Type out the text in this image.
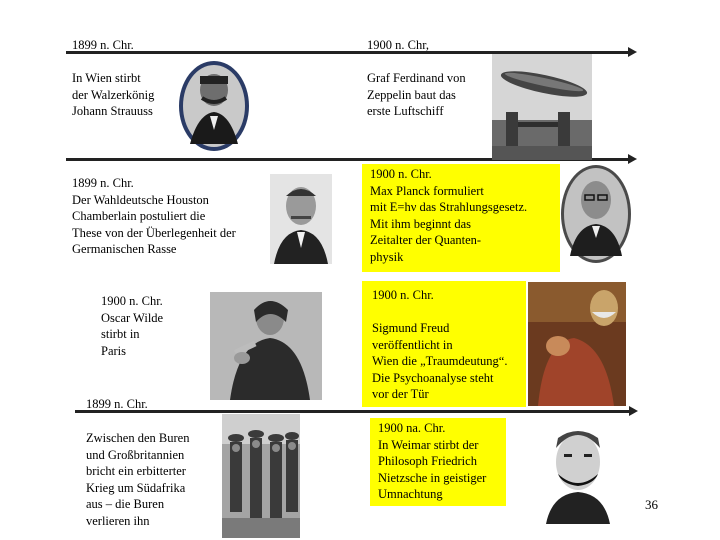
1899 n. Chr.	1900 n. Chr,
In Wien stirbt
der Walzerkönig
Johann Strauuss
Graf Ferdinand von
Zeppelin baut das
erste Luftschiff
1899 n. Chr.
Der Wahldeutsche Houston
Chamberlain postuliert die
These von der Überlegenheit der
Germanischen Rasse
1900 n. Chr.
Max Planck formuliert
mit E=hν das Strahlungsgesetz.
Mit ihm beginnt das
Zeitalter der Quanten-
physik
1900 n. Chr.
Oscar Wilde
stirbt in
Paris
1900 n. Chr.
Sigmund Freud
veröffentlicht in
Wien die „Traumdeutung“.
Die Psychoanalyse steht
vor der Tür
1899 n. Chr.
Zwischen den Buren
und Großbritannien
bricht ein erbitterter
Krieg um Südafrika
aus – die Buren
verlieren ihn
1900 na. Chr.
In Weimar stirbt der
Philosoph Friedrich
Nietzsche in geistiger
Umnachtung
36
